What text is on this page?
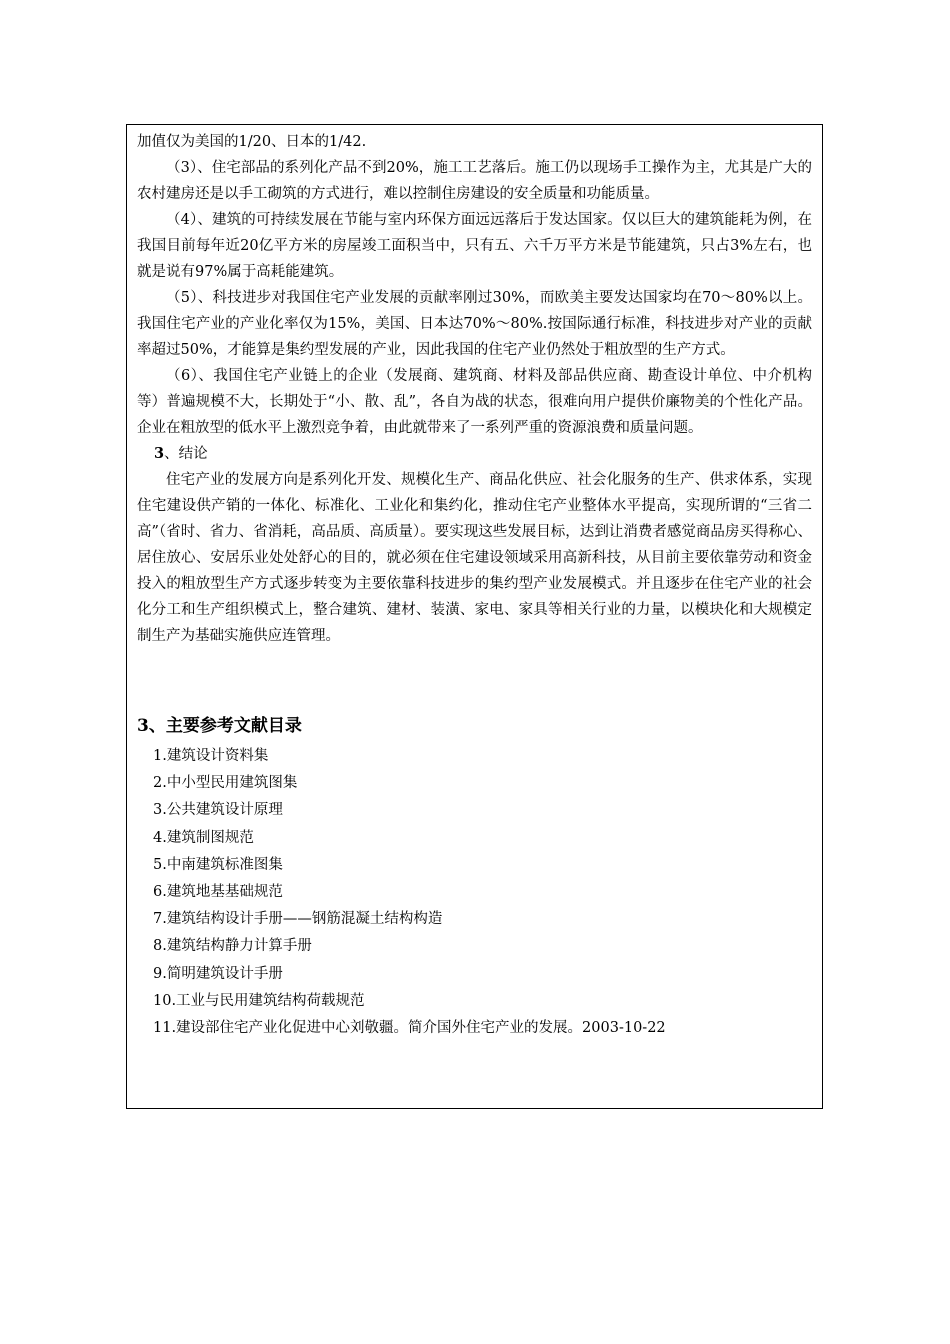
加值仅为美国的1/20、日本的1/42.

（3）、住宅部品的系列化产品不到20%，施工工艺落后。施工仍以现场手工操作为主，尤其是广大的农村建房还是以手工砌筑的方式进行，难以控制住房建设的安全质量和功能质量。

（4）、建筑的可持续发展在节能与室内环保方面远远落后于发达国家。仅以巨大的建筑能耗为例，在我国目前每年近20亿平方米的房屋竣工面积当中，只有五、六千万平方米是节能建筑，只占3%左右，也就是说有97%属于高耗能建筑。

（5）、科技进步对我国住宅产业发展的贡献率刚过30%，而欧美主要发达国家均在70～80%以上。我国住宅产业的产业化率仅为15%，美国、日本达70%～80%.按国际通行标准，科技进步对产业的贡献率超过50%，才能算是集约型发展的产业，因此我国的住宅产业仍然处于粗放型的生产方式。

（6）、我国住宅产业链上的企业（发展商、建筑商、材料及部品供应商、勘查设计单位、中介机构等）普遍规模不大，长期处于“小、散、乱”，各自为战的状态，很难向用户提供价廉物美的个性化产品。企业在粗放型的低水平上激烈竞争着，由此就带来了一系列严重的资源浪费和质量问题。

3、结论

住宅产业的发展方向是系列化开发、规模化生产、商品化供应、社会化服务的生产、供求体系，实现住宅建设供产销的一体化、标准化、工业化和集约化，推动住宅产业整体水平提高，实现所谓的“三省二高”（省时、省力、省消耗，高品质、高质量）。要实现这些发展目标，达到让消费者感觉商品房买得称心、居住放心、安居乐业处处舒心的目的，就必须在住宅建设领域采用高新科技，从目前主要依靠劳动和资金投入的粗放型生产方式逐步转变为主要依靠科技进步的集约型产业发展模式。并且逐步在住宅产业的社会化分工和生产组织模式上，整合建筑、建材、装潢、家电、家具等相关行业的力量，以模块化和大规模定制生产为基础实施供应连管理。

3、主要参考文献目录
1.建筑设计资料集
2.中小型民用建筑图集
3.公共建筑设计原理
4.建筑制图规范
5.中南建筑标准图集
6.建筑地基基础规范
7.建筑结构设计手册——钢筋混凝土结构构造
8.建筑结构静力计算手册
9.简明建筑设计手册
10.工业与民用建筑结构荷载规范
11.建设部住宅产业化促进中心刘敬疆。简介国外住宅产业的发展。2003-10-22
